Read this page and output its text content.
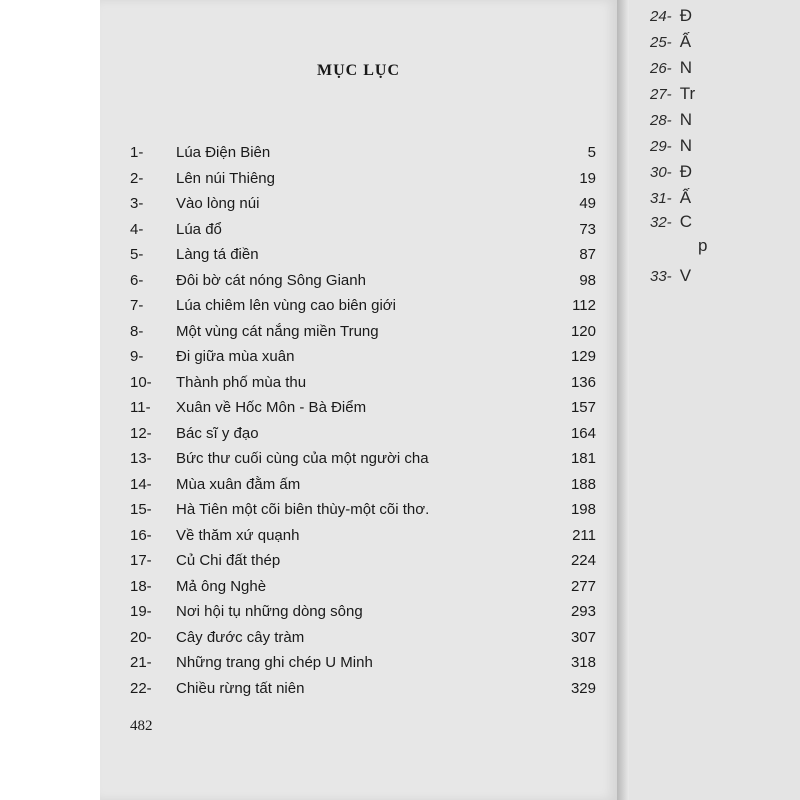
MỤC LỤC
1- Lúa Điện Biên	5
2- Lên núi Thiêng	19
3- Vào lòng núi	49
4- Lúa đổ	73
5- Làng tá điền	87
6- Đôi bờ cát nóng Sông Gianh	98
7- Lúa chiêm lên vùng cao biên giới	112
8- Một vùng cát nắng miền Trung	120
9- Đi giữa mùa xuân	129
10- Thành phố mùa thu	136
11- Xuân về Hốc Môn - Bà Điểm	157
12- Bác sĩ y đạo	164
13- Bức thư cuối cùng của một người cha	181
14- Mùa xuân đằm ấm	188
15- Hà Tiên một cõi biên thùy-một cõi thơ.	198
16- Về thăm xứ quạnh	211
17- Củ Chi đất thép	224
18- Mả ông Nghè	277
19- Nơi hội tụ những dòng sông	293
20- Cây đước cây tràm	307
21- Những trang ghi chép U Minh	318
22- Chiều rừng tất niên	329
24- Đ
25- Ấ
26- N
27- Tr
28- N
29- N
30- Đ
31- Ấ
32- C
p
33- V
482
